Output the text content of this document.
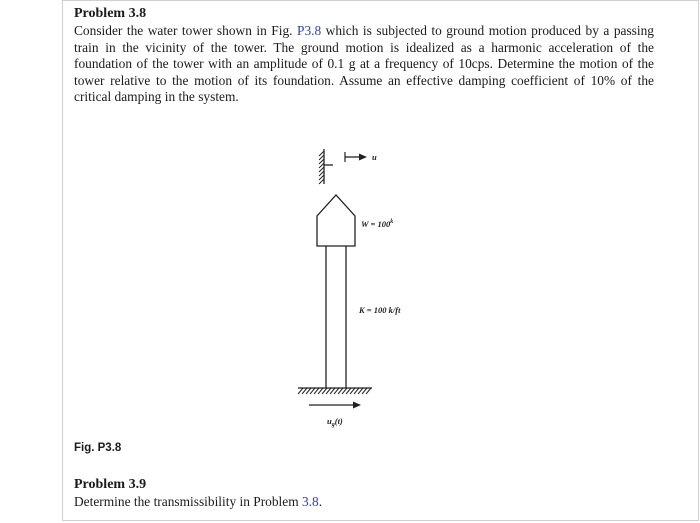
Problem 3.8
Consider the water tower shown in Fig. P3.8 which is subjected to ground motion produced by a passing train in the vicinity of the tower. The ground motion is idealized as a harmonic acceleration of the foundation of the tower with an amplitude of 0.1 g at a frequency of 10cps. Determine the motion of the tower relative to the motion of its foundation. Assume an effective damping coefficient of 10% of the critical damping in the system.
u
$W = 100^k$
K = 100 k/ft
$u_g(t)$
Fig. P3.8
Problem 3.9
Determine the transmissibility in Problem 3.8.
